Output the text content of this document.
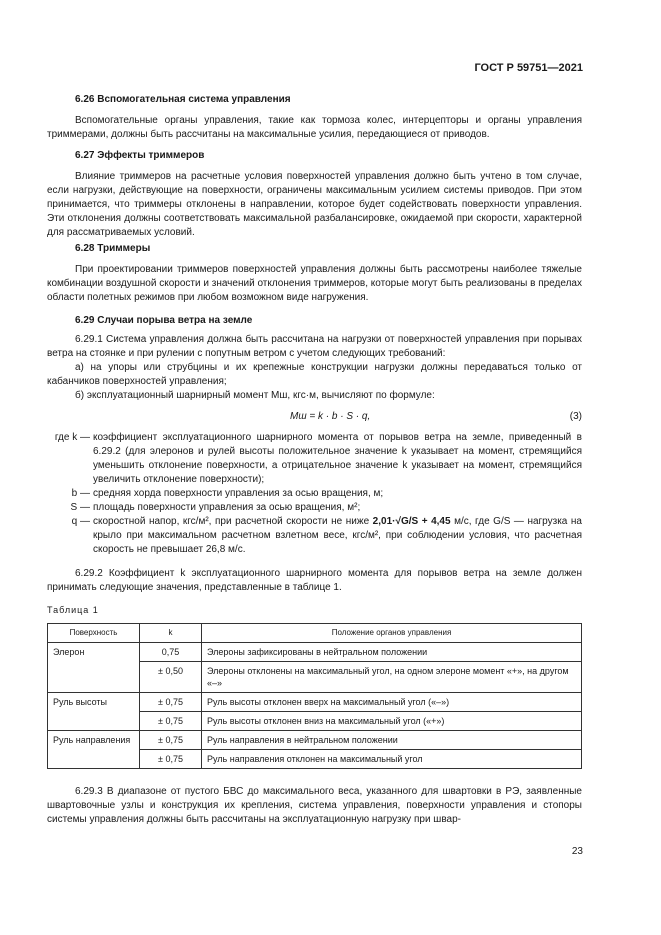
ГОСТ Р 59751—2021

6.26 Вспомогательная система управления

Вспомогательные органы управления, такие как тормоза колес, интерцепторы и органы управления триммерами, должны быть рассчитаны на максимальные усилия, передающиеся от приводов.

6.27 Эффекты триммеров

Влияние триммеров на расчетные условия поверхностей управления должно быть учтено в том случае, если нагрузки, действующие на поверхности, ограничены максимальным усилием системы приводов. При этом принимается, что триммеры отклонены в направлении, которое будет содействовать поверхности управления. Эти отклонения должны соответствовать максимальной разбалансировке, ожидаемой при скорости, характерной для рассматриваемых условий.

6.28 Триммеры

При проектировании триммеров поверхностей управления должны быть рассмотрены наиболее тяжелые комбинации воздушной скорости и значений отклонения триммеров, которые могут быть реализованы в пределах области полетных режимов при любом возможном виде нагружения.

6.29 Случаи порыва ветра на земле

6.29.1 Система управления должна быть рассчитана на нагрузки от поверхностей управления при порывах ветра на стоянке и при рулении с попутным ветром с учетом следующих требований:

а) на упоры или струбцины и их крепежные конструкции нагрузки должны передаваться только от кабанчиков поверхностей управления;

б) эксплуатационный шарнирный момент Mш, кгс·м, вычисляют по формуле:

Mш = k · b · S · q,	(3)
где k — коэффициент эксплуатационного шарнирного момента от порывов ветра на земле, приведенный в 6.29.2 (для элеронов и рулей высоты положительное значение k указывает на момент, стремящийся уменьшить отклонение поверхности, а отрицательное значение k указывает на момент, стремящийся увеличить отклонение поверхности);

b — средняя хорда поверхности управления за осью вращения, м;

S — площадь поверхности управления за осью вращения, м²;

q — скоростной напор, кгс/м², при расчетной скорости не ниже 2,01·√G/S + 4,45 м/с, где G/S — нагрузка на крыло при максимальном расчетном взлетном весе, кгс/м², при соблюдении условия, что расчетная скорость не превышает 26,8 м/с.

6.29.2 Коэффициент k эксплуатационного шарнирного момента для порывов ветра на земле должен принимать следующие значения, представленные в таблице 1.

Таблица 1
Поверхность	k	Положение органов управления
Элерон	0,75	Элероны зафиксированы в нейтральном положении
	± 0,50	Элероны отклонены на максимальный угол, на одном элероне момент «+», на другом «–»
Руль высоты	± 0,75	Руль высоты отклонен вверх на максимальный угол («–»)
	± 0,75	Руль высоты отклонен вниз на максимальный угол («+»)
Руль направления	± 0,75	Руль направления в нейтральном положении
	± 0,75	Руль направления отклонен на максимальный угол

6.29.3 В диапазоне от пустого БВС до максимального веса, указанного для швартовки в РЭ, заявленные швартовочные узлы и конструкция их крепления, система управления, поверхности управления и стопоры системы управления должны быть рассчитаны на эксплуатационную нагрузку при швар-

23
